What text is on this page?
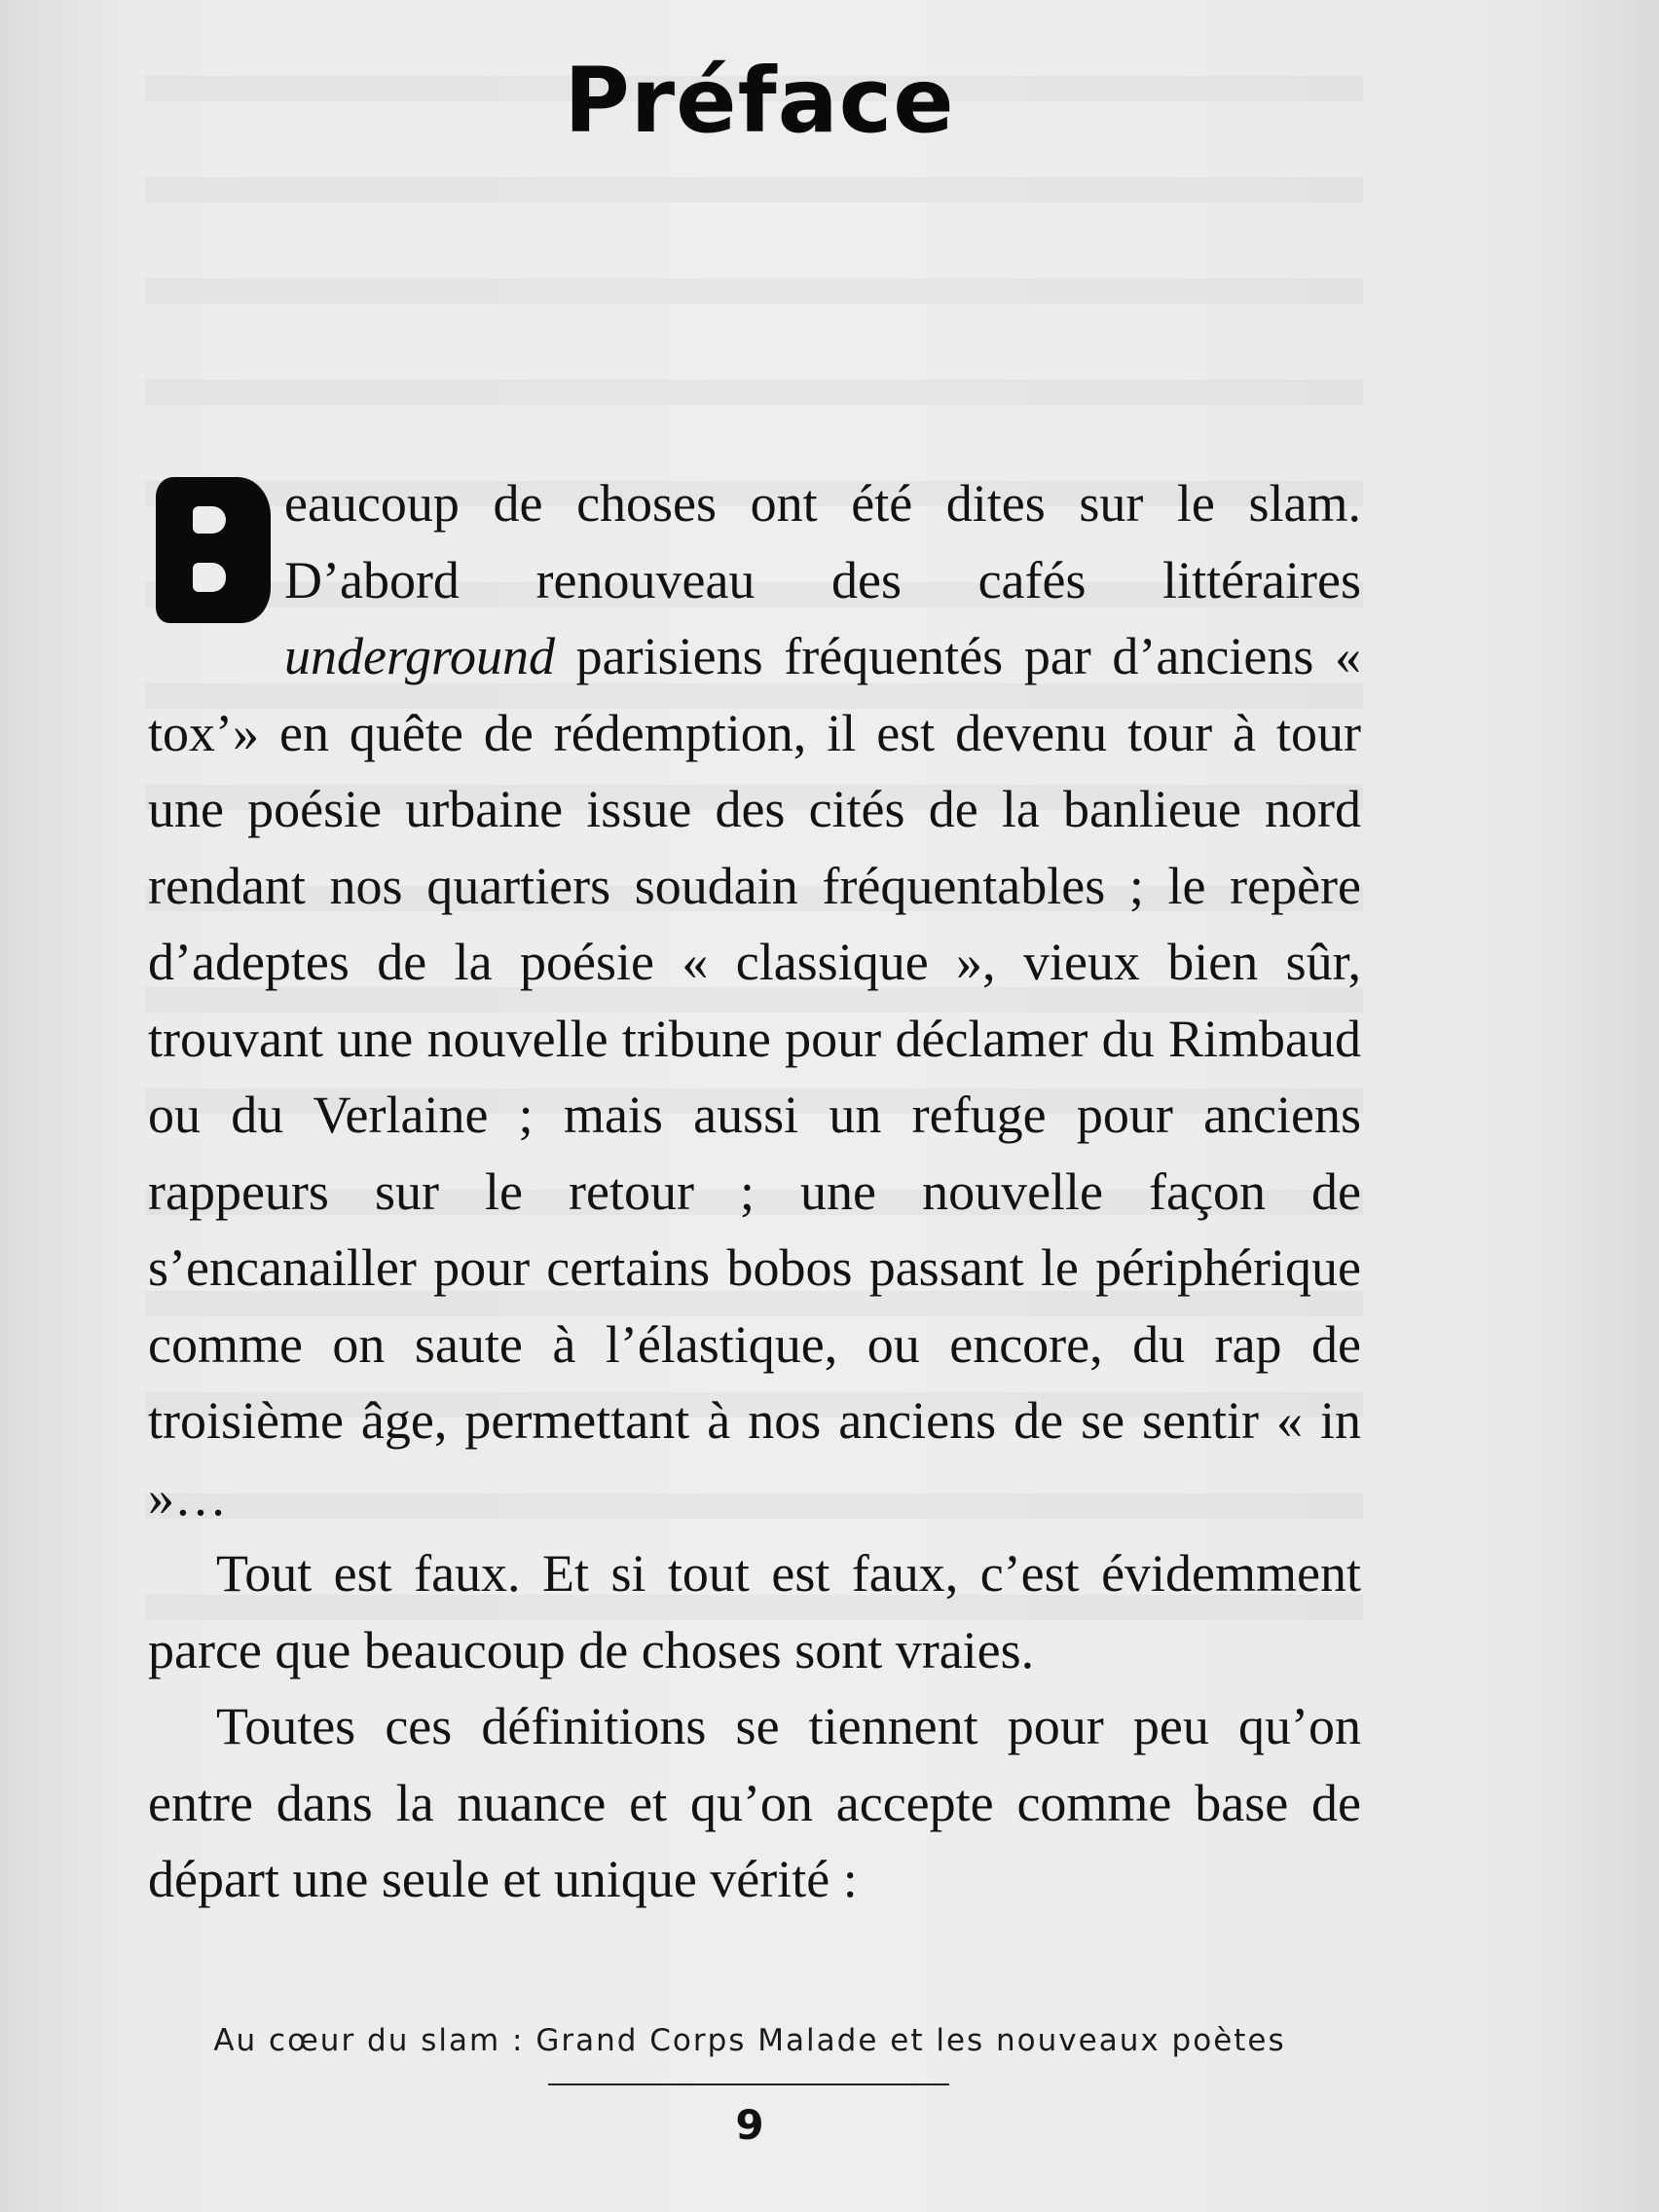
Préface

eaucoup de choses ont été dites sur le slam. D’abord renouveau des cafés littéraires underground parisiens fréquentés par d’anciens « tox’» en quête de rédemption, il est devenu tour à tour une poésie urbaine issue des cités de la banlieue nord rendant nos quartiers soudain fréquentables ; le repère d’adeptes de la poésie « classique », vieux bien sûr, trouvant une nouvelle tribune pour déclamer du Rimbaud ou du Verlaine ; mais aussi un refuge pour anciens rappeurs sur le retour ; une nouvelle façon de s’encanailler pour certains bobos passant le périphérique comme on saute à l’élastique, ou encore, du rap de troisième âge, permettant à nos anciens de se sentir « in »…

Tout est faux. Et si tout est faux, c’est évidemment parce que beaucoup de choses sont vraies.

Toutes ces définitions se tiennent pour peu qu’on entre dans la nuance et qu’on accepte comme base de départ une seule et unique vérité :

Au cœur du slam : Grand Corps Malade et les nouveaux poètes
9
